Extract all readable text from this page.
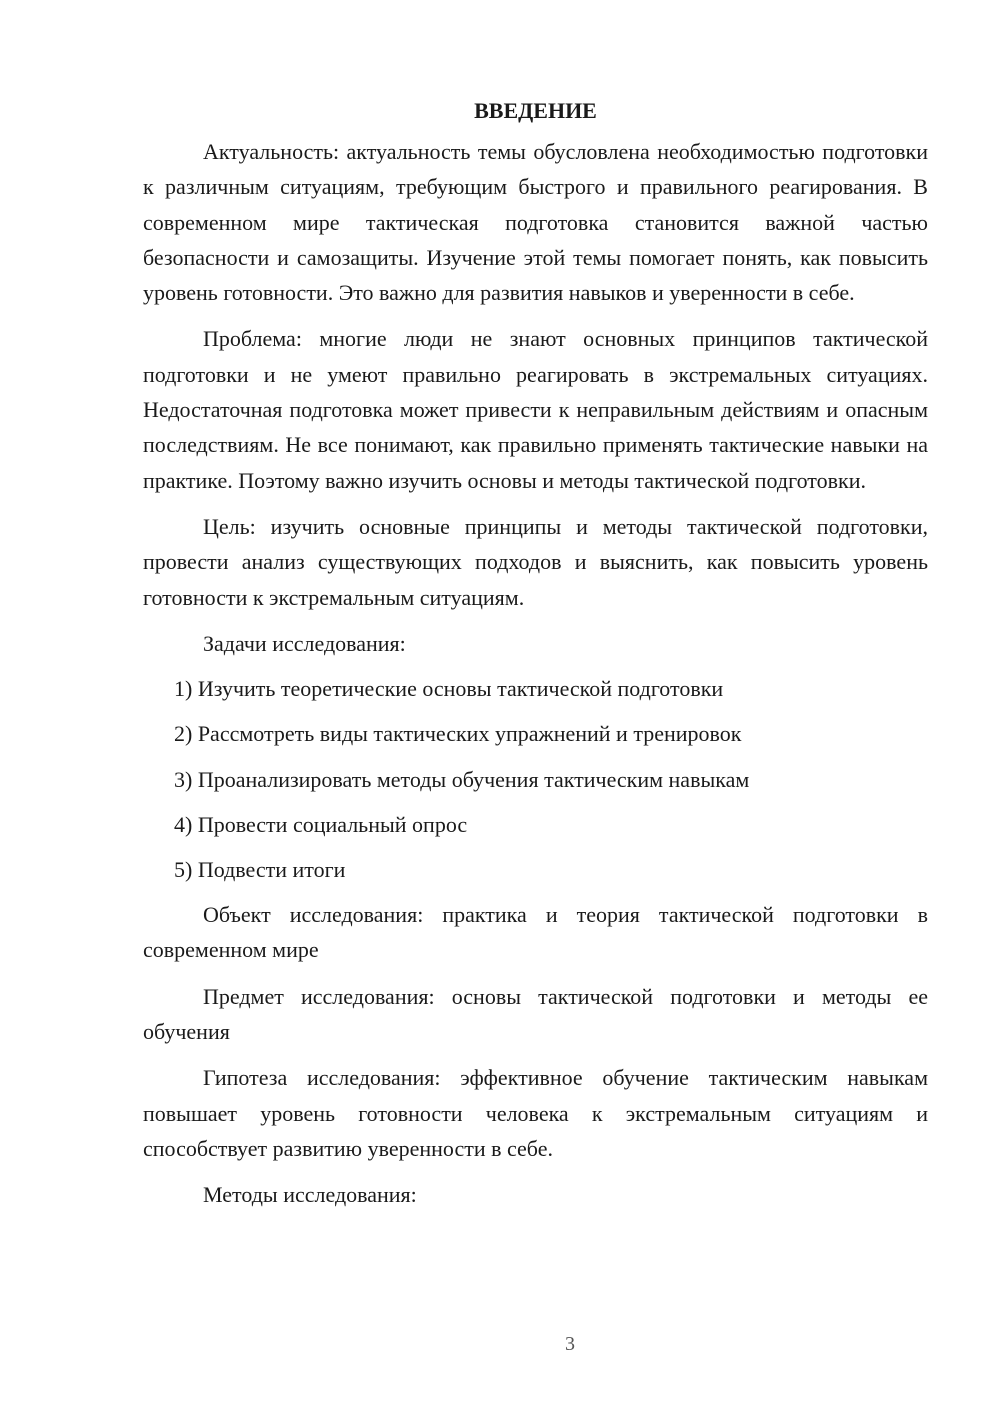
ВВЕДЕНИЕ

Актуальность: актуальность темы обусловлена необходимостью подготовки к различным ситуациям, требующим быстрого и правильного реагирования. В современном мире тактическая подготовка становится важной частью безопасности и самозащиты. Изучение этой темы помогает понять, как повысить уровень готовности. Это важно для развития навыков и уверенности в себе.

Проблема: многие люди не знают основных принципов тактической подготовки и не умеют правильно реагировать в экстремальных ситуациях. Недостаточная подготовка может привести к неправильным действиям и опасным последствиям. Не все понимают, как правильно применять тактические навыки на практике. Поэтому важно изучить основы и методы тактической подготовки.

Цель: изучить основные принципы и методы тактической подготовки, провести анализ существующих подходов и выяснить, как повысить уровень готовности к экстремальным ситуациям.

Задачи исследования:

1) Изучить теоретические основы тактической подготовки
2) Рассмотреть виды тактических упражнений и тренировок
3) Проанализировать методы обучения тактическим навыкам
4) Провести социальный опрос
5) Подвести итоги

Объект исследования: практика и теория тактической подготовки в современном мире

Предмет исследования: основы тактической подготовки и методы ее обучения

Гипотеза исследования: эффективное обучение тактическим навыкам повышает уровень готовности человека к экстремальным ситуациям и способствует развитию уверенности в себе.

Методы исследования:

3
